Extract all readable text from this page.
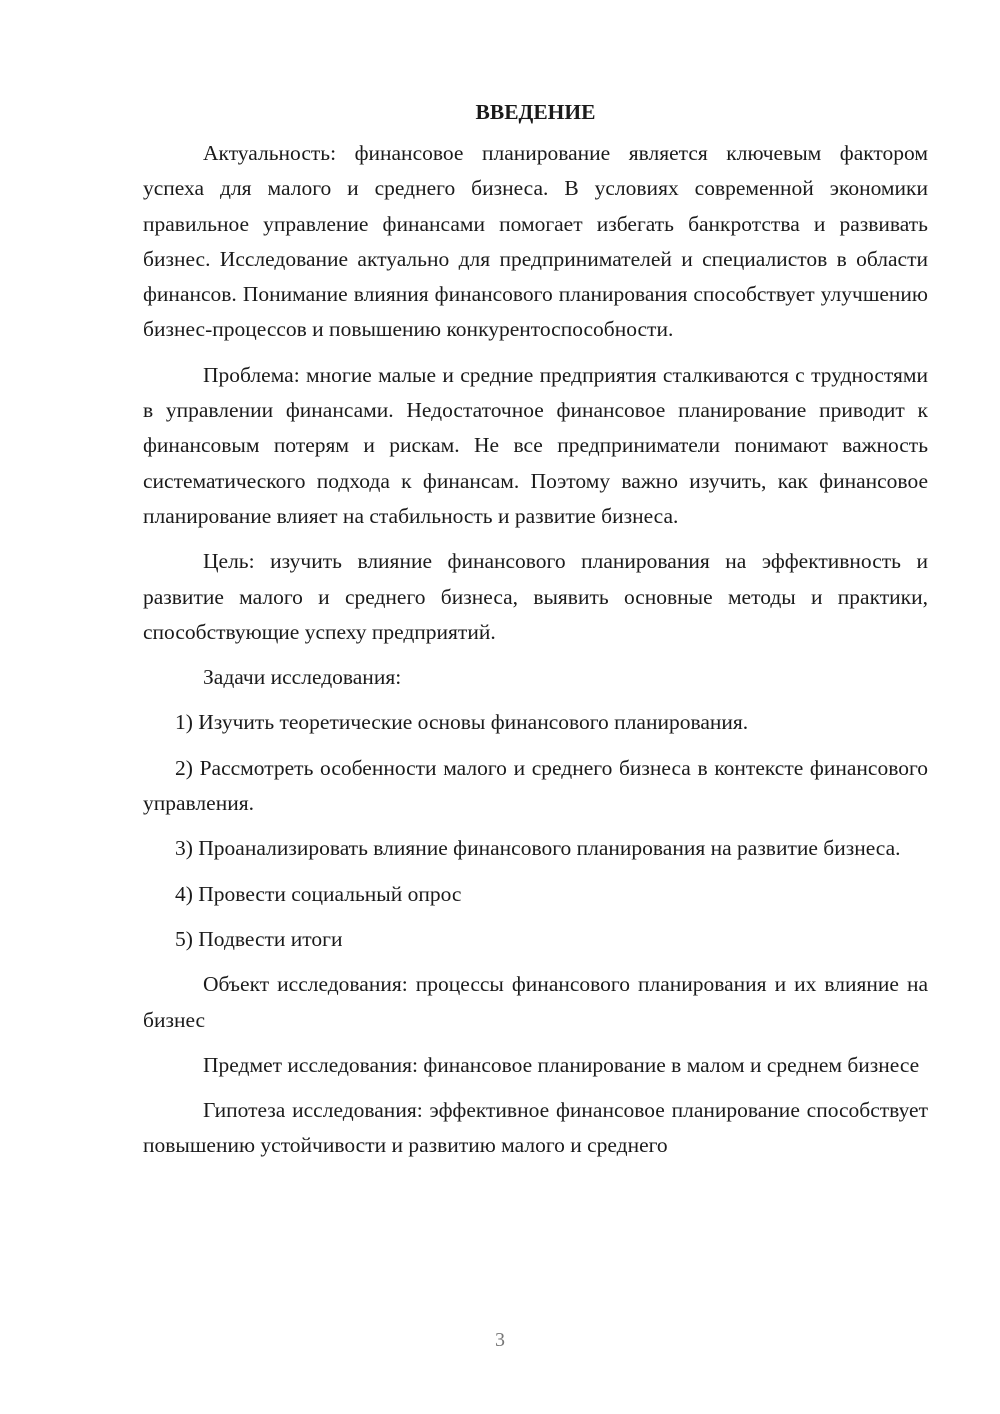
ВВЕДЕНИЕ

Актуальность: финансовое планирование является ключевым фактором успеха для малого и среднего бизнеса. В условиях современной экономики правильное управление финансами помогает избегать банкротства и развивать бизнес. Исследование актуально для предпринимателей и специалистов в области финансов. Понимание влияния финансового планирования способствует улучшению бизнес-процессов и повышению конкурентоспособности.

Проблема: многие малые и средние предприятия сталкиваются с трудностями в управлении финансами. Недостаточное финансовое планирование приводит к финансовым потерям и рискам. Не все предприниматели понимают важность систематического подхода к финансам. Поэтому важно изучить, как финансовое планирование влияет на стабильность и развитие бизнеса.

Цель: изучить влияние финансового планирования на эффективность и развитие малого и среднего бизнеса, выявить основные методы и практики, способствующие успеху предприятий.

Задачи исследования:

1) Изучить теоретические основы финансового планирования.

2) Рассмотреть особенности малого и среднего бизнеса в контексте финансового управления.

3) Проанализировать влияние финансового планирования на развитие бизнеса.

4) Провести социальный опрос

5) Подвести итоги

Объект исследования: процессы финансового планирования и их влияние на бизнес

Предмет исследования: финансовое планирование в малом и среднем бизнесе

Гипотеза исследования: эффективное финансовое планирование способствует повышению устойчивости и развитию малого и среднего

3
